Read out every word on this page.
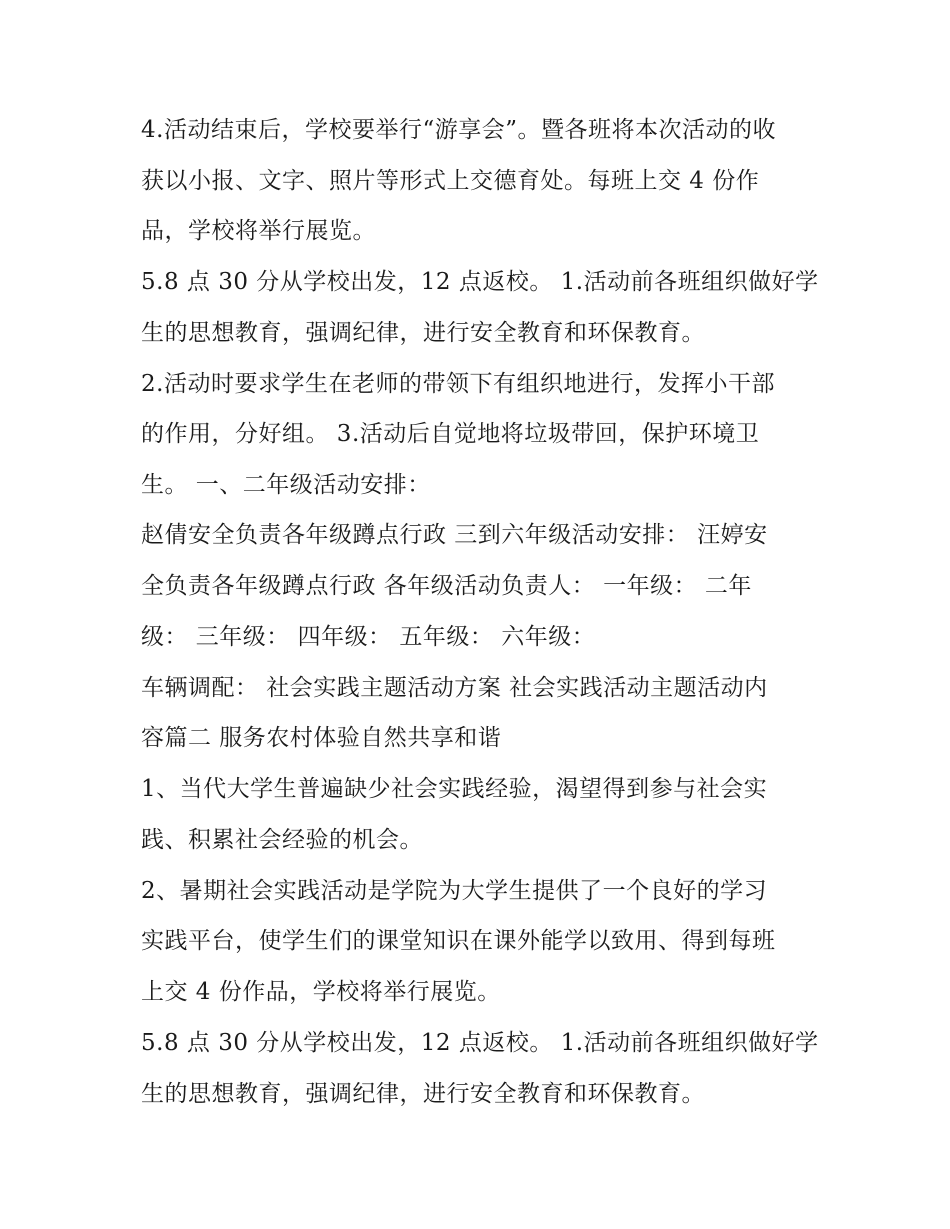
4.活动结束后，学校要举行“游享会”。暨各班将本次活动的收

获以小报、文字、照片等形式上交德育处。每班上交 4 份作

品，学校将举行展览。

5.8 点 30 分从学校出发，12 点返校。 1.活动前各班组织做好学

生的思想教育，强调纪律，进行安全教育和环保教育。

2.活动时要求学生在老师的带领下有组织地进行，发挥小干部

的作用，分好组。 3.活动后自觉地将垃圾带回，保护环境卫

生。 一、二年级活动安排：

赵倩安全负责各年级蹲点行政 三到六年级活动安排： 汪婷安

全负责各年级蹲点行政 各年级活动负责人： 一年级： 二年

级： 三年级： 四年级： 五年级： 六年级：

车辆调配： 社会实践主题活动方案 社会实践活动主题活动内

容篇二 服务农村体验自然共享和谐

1、当代大学生普遍缺少社会实践经验，渴望得到参与社会实

践、积累社会经验的机会。

2、暑期社会实践活动是学院为大学生提供了一个良好的学习

实践平台，使学生们的课堂知识在课外能学以致用、得到每班

上交 4 份作品，学校将举行展览。

5.8 点 30 分从学校出发，12 点返校。 1.活动前各班组织做好学

生的思想教育，强调纪律，进行安全教育和环保教育。
